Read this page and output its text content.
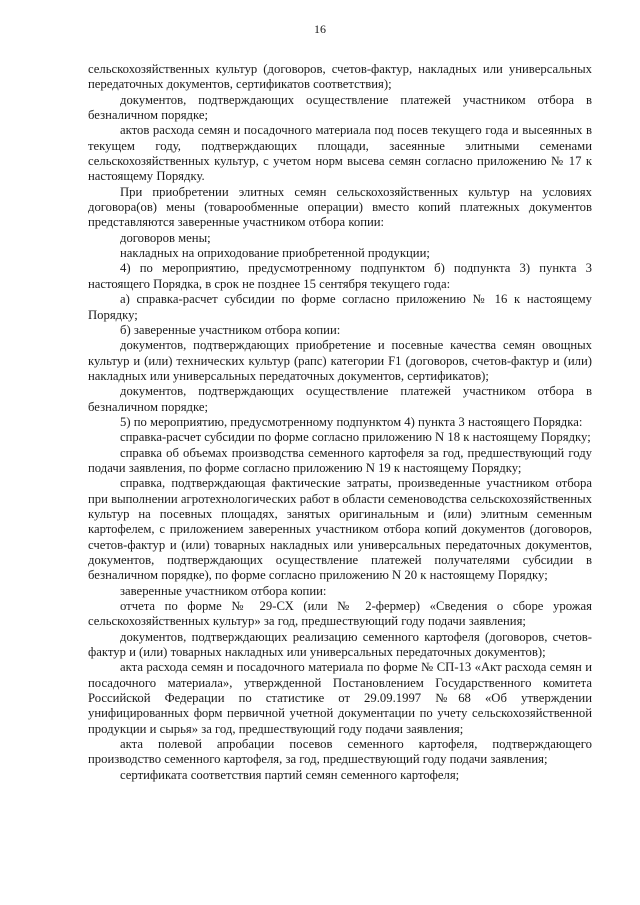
16

сельскохозяйственных культур (договоров, счетов-фактур, накладных или универсальных передаточных документов, сертификатов соответствия);

документов, подтверждающих осуществление платежей участником отбора в безналичном порядке;

актов расхода семян и посадочного материала под посев текущего года и высеянных в текущем году, подтверждающих площади, засеянные элитными семенами сельскохозяйственных культур, с учетом норм высева семян согласно приложению № 17 к настоящему Порядку.

При приобретении элитных семян сельскохозяйственных культур на условиях договора(ов) мены (товарообменные операции) вместо копий платежных документов представляются заверенные участником отбора копии:

договоров мены;

накладных на оприходование приобретенной продукции;

4) по мероприятию, предусмотренному подпунктом б) подпункта 3) пункта 3 настоящего Порядка, в срок не позднее 15 сентября текущего года:

а) справка-расчет субсидии по форме согласно приложению № 16 к настоящему Порядку;

б) заверенные участником отбора копии:

документов, подтверждающих приобретение и посевные качества семян овощных культур и (или) технических культур (рапс) категории F1 (договоров, счетов-фактур и (или) накладных или универсальных передаточных документов, сертификатов);

документов, подтверждающих осуществление платежей участником отбора в безналичном порядке;

5) по мероприятию, предусмотренному подпунктом 4) пункта 3 настоящего Порядка:

справка-расчет субсидии по форме согласно приложению N 18 к настоящему Порядку;

справка об объемах производства семенного картофеля за год, предшествующий году подачи заявления, по форме согласно приложению N 19 к настоящему Порядку;

справка, подтверждающая фактические затраты, произведенные участником отбора при выполнении агротехнологических работ в области семеноводства сельскохозяйственных культур на посевных площадях, занятых оригинальным и (или) элитным семенным картофелем, с приложением заверенных участником отбора копий документов (договоров, счетов-фактур и (или) товарных накладных или универсальных передаточных документов, документов, подтверждающих осуществление платежей получателями субсидии в безналичном порядке), по форме согласно приложению N 20 к настоящему Порядку;

заверенные участником отбора копии:

отчета по форме № 29-СХ (или № 2-фермер) «Сведения о сборе урожая сельскохозяйственных культур» за год, предшествующий году подачи заявления;

документов, подтверждающих реализацию семенного картофеля (договоров, счетов-фактур и (или) товарных накладных или универсальных передаточных документов);

акта расхода семян и посадочного материала по форме № СП-13 «Акт расхода семян и посадочного материала», утвержденной Постановлением Государственного комитета Российской Федерации по статистике от 29.09.1997 №68 «Об утверждении унифицированных форм первичной учетной документации по учету сельскохозяйственной продукции и сырья» за год, предшествующий году подачи заявления;

акта полевой апробации посевов семенного картофеля, подтверждающего производство семенного картофеля, за год, предшествующий году подачи заявления;

сертификата соответствия партий семян семенного картофеля;
